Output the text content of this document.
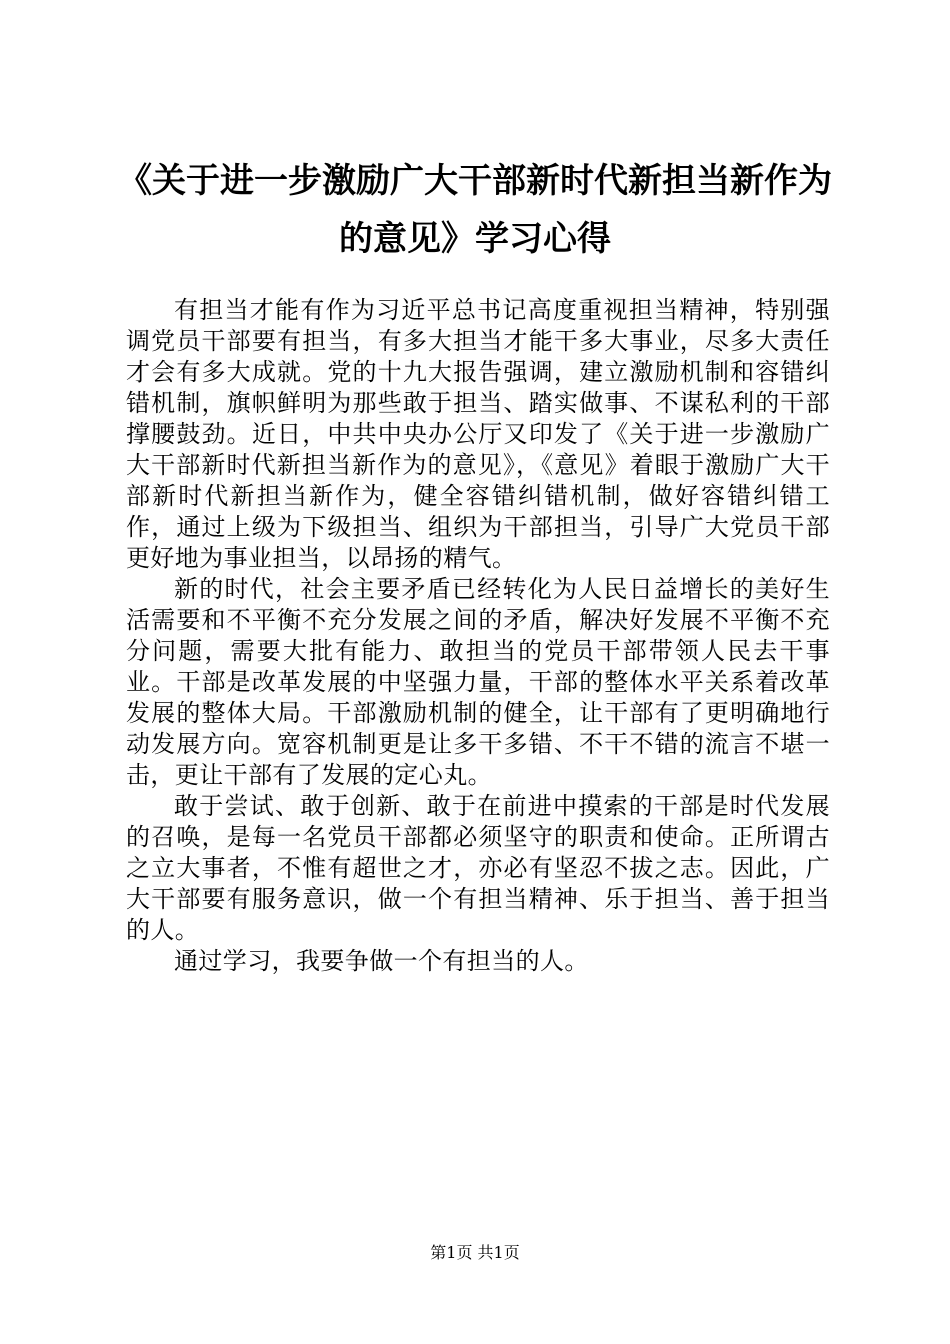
《关于进一步激励广大干部新时代新担当新作为的意见》学习心得

有担当才能有作为习近平总书记高度重视担当精神，特别强调党员干部要有担当，有多大担当才能干多大事业，尽多大责任才会有多大成就。党的十九大报告强调，建立激励机制和容错纠错机制，旗帜鲜明为那些敢于担当、踏实做事、不谋私利的干部撑腰鼓劲。近日，中共中央办公厅又印发了《关于进一步激励广大干部新时代新担当新作为的意见》，《意见》着眼于激励广大干部新时代新担当新作为，健全容错纠错机制，做好容错纠错工作，通过上级为下级担当、组织为干部担当，引导广大党员干部更好地为事业担当，以昂扬的精气。

新的时代，社会主要矛盾已经转化为人民日益增长的美好生活需要和不平衡不充分发展之间的矛盾，解决好发展不平衡不充分问题，需要大批有能力、敢担当的党员干部带领人民去干事业。干部是改革发展的中坚强力量，干部的整体水平关系着改革发展的整体大局。干部激励机制的健全，让干部有了更明确地行动发展方向。宽容机制更是让多干多错、不干不错的流言不堪一击，更让干部有了发展的定心丸。

敢于尝试、敢于创新、敢于在前进中摸索的干部是时代发展的召唤，是每一名党员干部都必须坚守的职责和使命。正所谓古之立大事者，不惟有超世之才，亦必有坚忍不拔之志。因此，广大干部要有服务意识，做一个有担当精神、乐于担当、善于担当的人。

通过学习，我要争做一个有担当的人。

第1页 共1页
